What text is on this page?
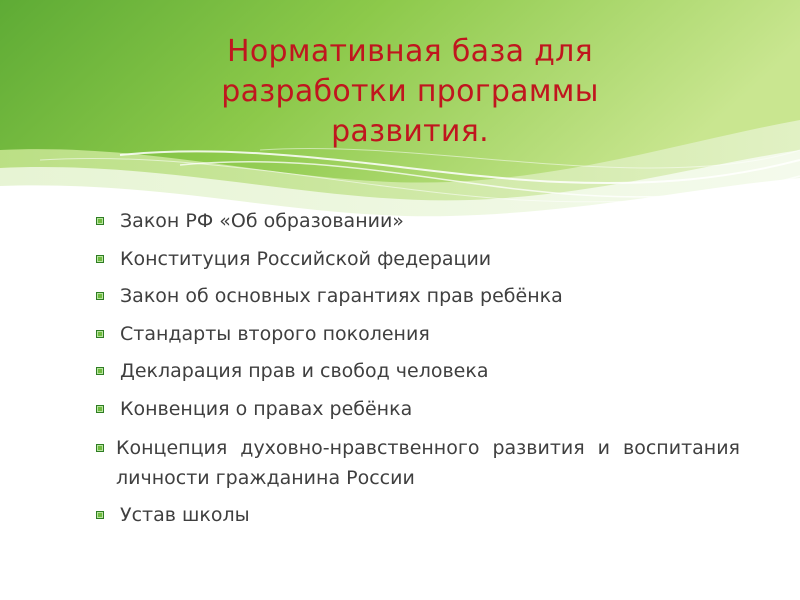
Нормативная база для
разработки программы
развития.
Закон РФ «Об образовании»
Конституция Российской федерации
Закон об основных гарантиях прав ребёнка
Стандарты второго поколения
Декларация прав и свобод человека
Конвенция о правах ребёнка
Концепция духовно-нравственного развития и воспитания личности гражданина России
Устав школы
